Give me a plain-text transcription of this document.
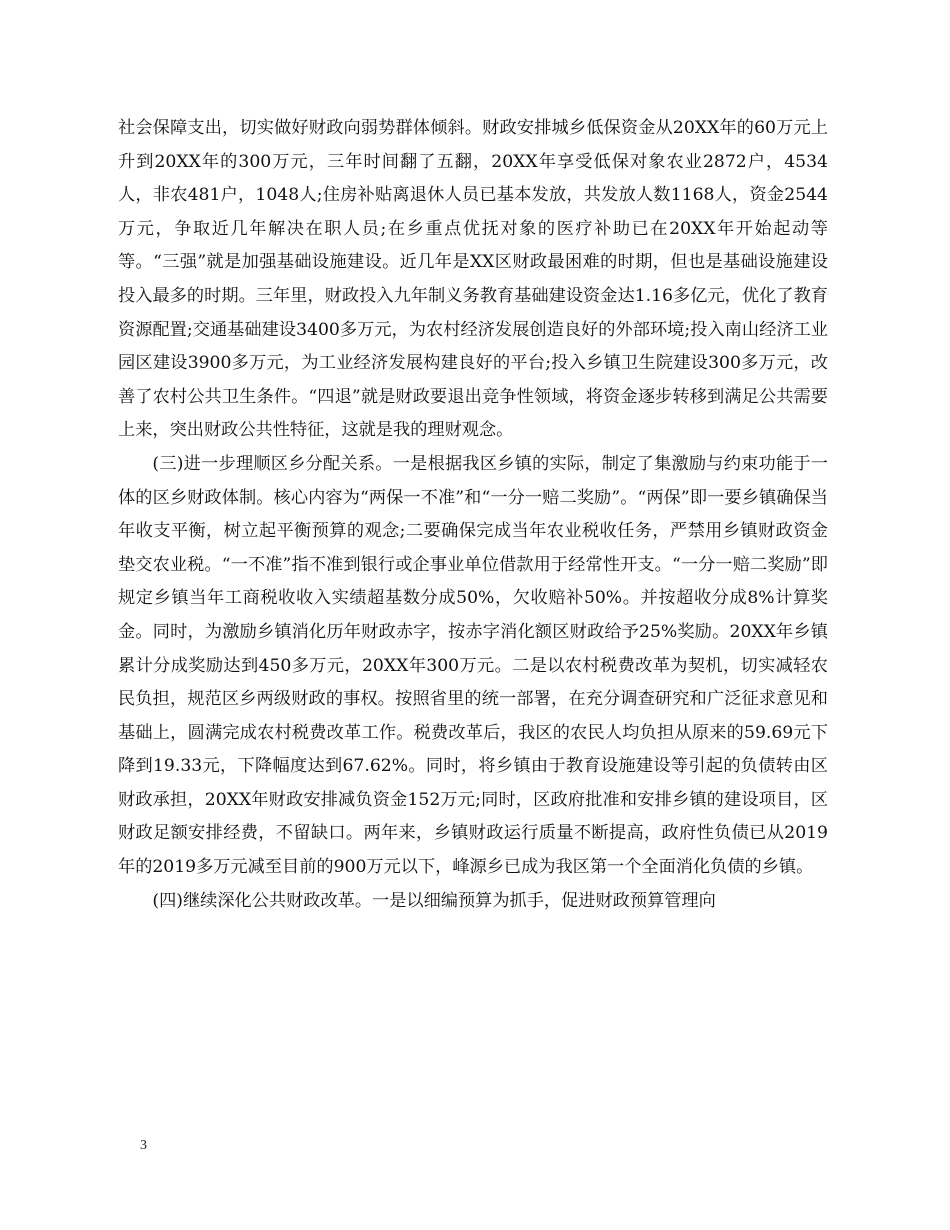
社会保障支出，切实做好财政向弱势群体倾斜。财政安排城乡低保资金从20XX年的60万元上升到20XX年的300万元，三年时间翻了五翻，20XX年享受低保对象农业2872户，4534人，非农481户，1048人;住房补贴离退休人员已基本发放，共发放人数1168人，资金2544万元，争取近几年解决在职人员;在乡重点优抚对象的医疗补助已在20XX年开始起动等等。“三强”就是加强基础设施建设。近几年是XX区财政最困难的时期，但也是基础设施建设投入最多的时期。三年里，财政投入九年制义务教育基础建设资金达1.16多亿元，优化了教育资源配置;交通基础建设3400多万元，为农村经济发展创造良好的外部环境;投入南山经济工业园区建设3900多万元，为工业经济发展构建良好的平台;投入乡镇卫生院建设300多万元，改善了农村公共卫生条件。“四退”就是财政要退出竞争性领域，将资金逐步转移到满足公共需要上来，突出财政公共性特征，这就是我的理财观念。

(三)进一步理顺区乡分配关系。一是根据我区乡镇的实际，制定了集激励与约束功能于一体的区乡财政体制。核心内容为“两保一不准”和“一分一赔二奖励”。“两保”即一要乡镇确保当年收支平衡，树立起平衡预算的观念;二要确保完成当年农业税收任务，严禁用乡镇财政资金垫交农业税。“一不准”指不准到银行或企事业单位借款用于经常性开支。“一分一赔二奖励”即规定乡镇当年工商税收收入实绩超基数分成50%，欠收赔补50%。并按超收分成8%计算奖金。同时，为激励乡镇消化历年财政赤字，按赤字消化额区财政给予25%奖励。20XX年乡镇累计分成奖励达到450多万元，20XX年300万元。二是以农村税费改革为契机，切实减轻农民负担，规范区乡两级财政的事权。按照省里的统一部署，在充分调查研究和广泛征求意见和基础上，圆满完成农村税费改革工作。税费改革后，我区的农民人均负担从原来的59.69元下降到19.33元，下降幅度达到67.62%。同时，将乡镇由于教育设施建设等引起的负债转由区财政承担，20XX年财政安排减负资金152万元;同时，区政府批准和安排乡镇的建设项目，区财政足额安排经费，不留缺口。两年来，乡镇财政运行质量不断提高，政府性负债已从2019年的2019多万元减至目前的900万元以下，峰源乡已成为我区第一个全面消化负债的乡镇。

(四)继续深化公共财政改革。一是以细编预算为抓手，促进财政预算管理向

3
